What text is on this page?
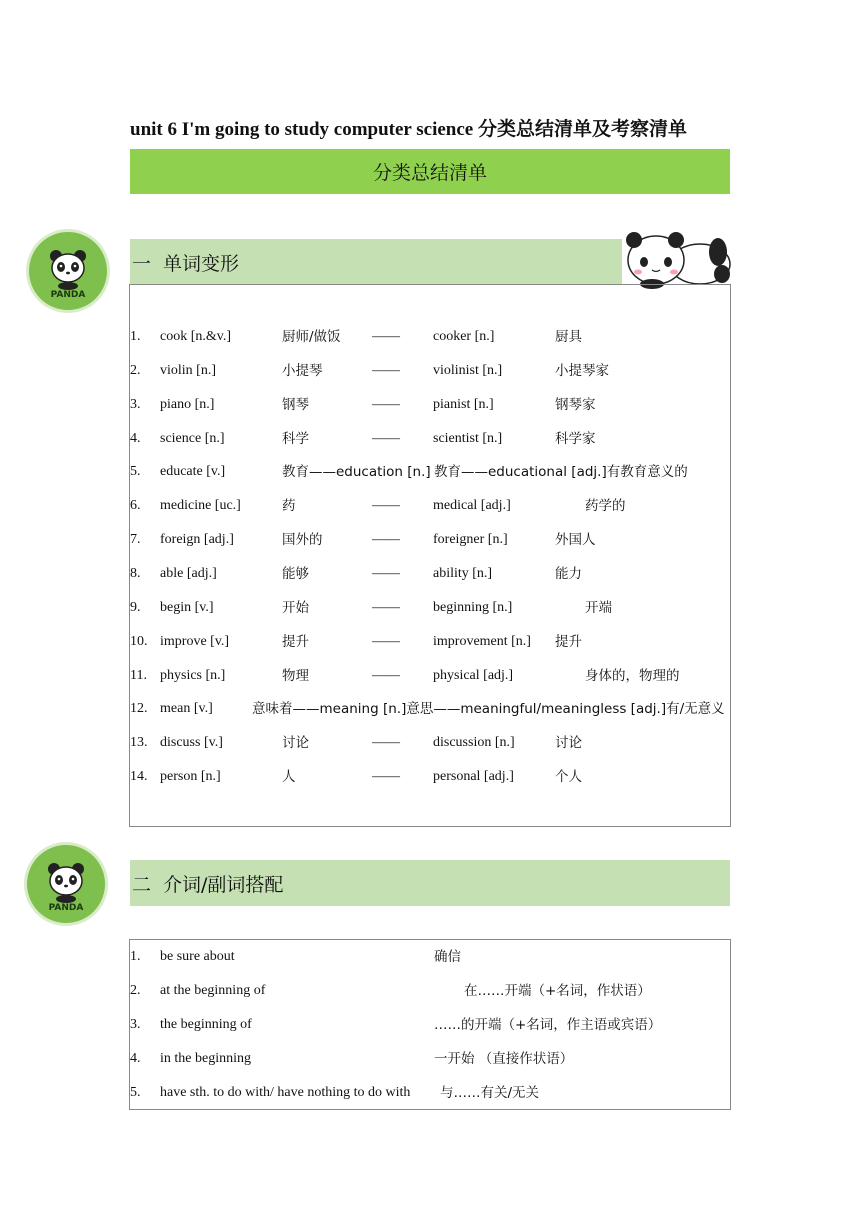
unit 6 I'm going to study computer science 分类总结清单及考察清单
分类总结清单
PANDA
一 单词变形
1. cook [n.&v.]	厨师/做饭 —— cooker [n.]	厨具
2. violin [n.]	小提琴	—— violinist [n.]	小提琴家
3. piano [n.]	钢琴	—— pianist [n.]	钢琴家
4. science [n.]	科学	—— scientist [n.]	科学家
5. educate [v.]	教育——education [n.] 教育——educational [adj.]有教育意义的
6. medicine [uc.]	药	—— medical [adj.]	药学的
7. foreign [adj.]	国外的	—— foreigner [n.]	外国人
8. able [adj.]	能够	—— ability [n.]	能力
9. begin [v.]	开始	—— beginning [n.]	开端
10. improve [v.]	提升	—— improvement [n.] 提升
11. physics [n.]	物理	—— physical [adj.]	身体的，物理的
12. mean [v.]	意味着——meaning [n.]意思——meaningful/meaningless [adj.]有/无意义
13. discuss [v.]	讨论	—— discussion [n.]	讨论
14. person [n.]	人	—— personal [adj.]	个人
PANDA
二 介词/副词搭配
1. be sure about	确信
2. at the beginning of	在……开端（+名词，作状语）
3. the beginning of	……的开端（+名词，作主语或宾语）
4. in the beginning	一开始 （直接作状语）
5. have sth. to do with/ have nothing to do with 与……有关/无关
